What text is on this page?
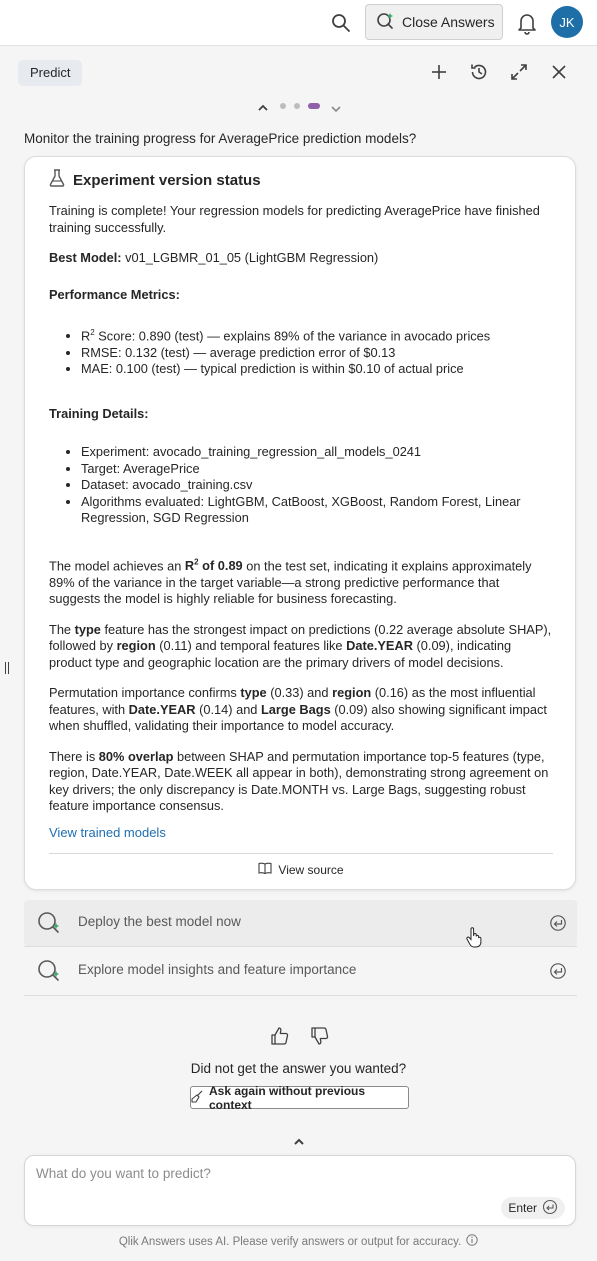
Close Answers	JK
Predict
Monitor the training progress for AveragePrice prediction models?
Experiment version status

Training is complete! Your regression models for predicting AveragePrice have finished training successfully.

Best Model: v01_LGBMR_01_05 (LightGBM Regression)

Performance Metrics:
• $R^2$ Score: 0.890 (test) — explains 89% of the variance in avocado prices
• RMSE: 0.132 (test) — average prediction error of $0.13
• MAE: 0.100 (test) — typical prediction is within $0.10 of actual price
Training Details:
• Experiment: avocado_training_regression_all_models_0241
• Target: AveragePrice
• Dataset: avocado_training.csv
• Algorithms evaluated: LightGBM, CatBoost, XGBoost, Random Forest, Linear Regression, SGD Regression

The model achieves an $R^2$ of 0.89 on the test set, indicating it explains approximately 89% of the variance in the target variable—a strong predictive performance that suggests the model is highly reliable for business forecasting.

The type feature has the strongest impact on predictions (0.22 average absolute SHAP), followed by region (0.11) and temporal features like Date.YEAR (0.09), indicating product type and geographic location are the primary drivers of model decisions.

Permutation importance confirms type (0.33) and region (0.16) as the most influential features, with Date.YEAR (0.14) and Large Bags (0.09) also showing significant impact when shuffled, validating their importance to model accuracy.

There is 80% overlap between SHAP and permutation importance top-5 features (type, region, Date.YEAR, Date.WEEK all appear in both), demonstrating strong agreement on key drivers; the only discrepancy is Date.MONTH vs. Large Bags, suggesting robust feature importance consensus.

View trained models
View source
Deploy the best model now
Explore model insights and feature importance
Did not get the answer you wanted?
Ask again without previous context
What do you want to predict?
Enter
Qlik Answers uses AI. Please verify answers or output for accuracy.
